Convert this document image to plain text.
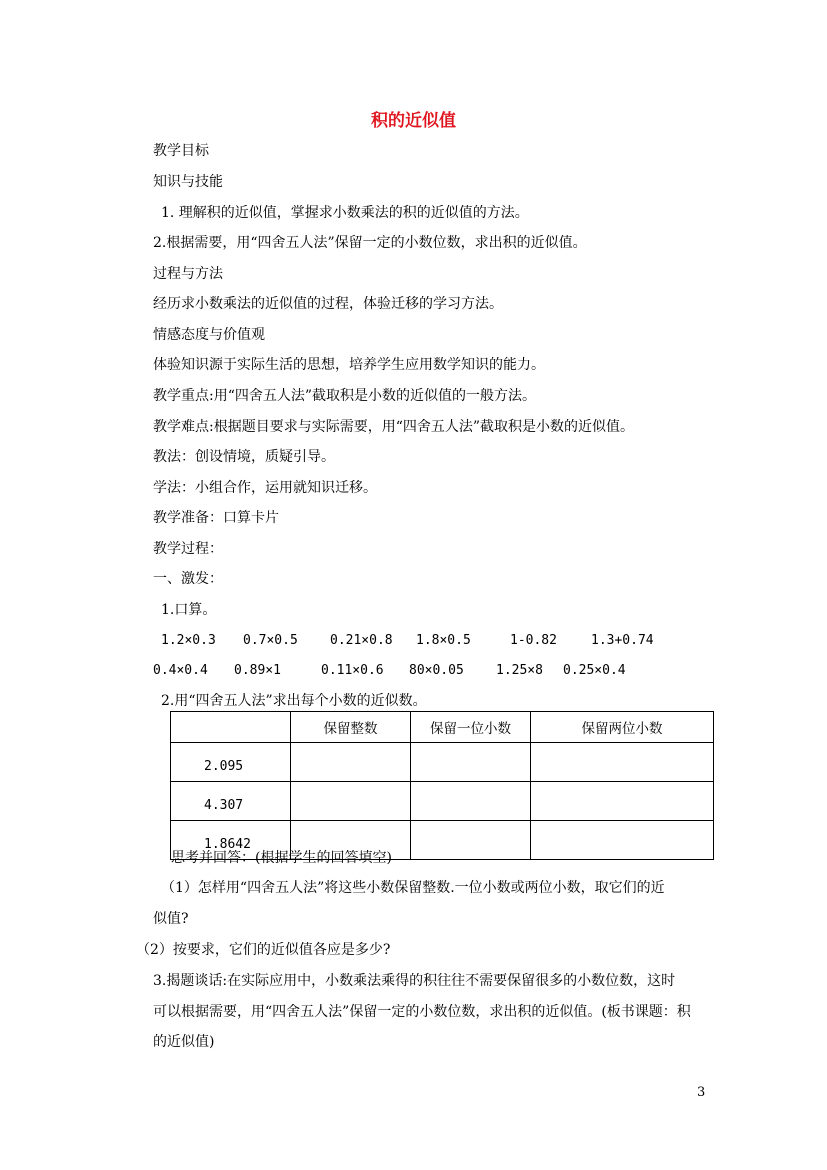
积的近似值
教学目标
知识与技能
1. 理解积的近似值，掌握求小数乘法的积的近似值的方法。
2.根据需要，用“四舍五人法”保留一定的小数位数，求出积的近似值。
过程与方法
经历求小数乘法的近似值的过程，体验迁移的学习方法。
情感态度与价值观
体验知识源于实际生活的思想，培养学生应用数学知识的能力。
教学重点:用“四舍五人法”截取积是小数的近似值的一般方法。
教学难点:根据题目要求与实际需要，用“四舍五人法”截取积是小数的近似值。
教法：创设情境，质疑引导。
学法：小组合作，运用就知识迁移。
教学准备：口算卡片
教学过程：
一、激发：
1.口算。
1.2×0.3 0.7×0.5 0.21×0.8 1.8×0.5	1-0.82	1.3+0.74
0.4×0.4 0.89×1	0.11×0.6 80×0.05 1.25×8 0.25×0.4
2.用“四舍五人法”求出每个小数的近似数。
	保留整数	保留一位小数	保留两位小数
2.095			
4.307			
1.8642			
思考并回答：(根据学生的回答填空)
（1）怎样用“四舍五人法”将这些小数保留整数.一位小数或两位小数，取它们的近
似值?
（2）按要求，它们的近似值各应是多少?
3.揭题谈话:在实际应用中，小数乘法乘得的积往往不需要保留很多的小数位数，这时
可以根据需要，用“四舍五人法”保留一定的小数位数，求出积的近似值。(板书课题：积
的近似值)
3
